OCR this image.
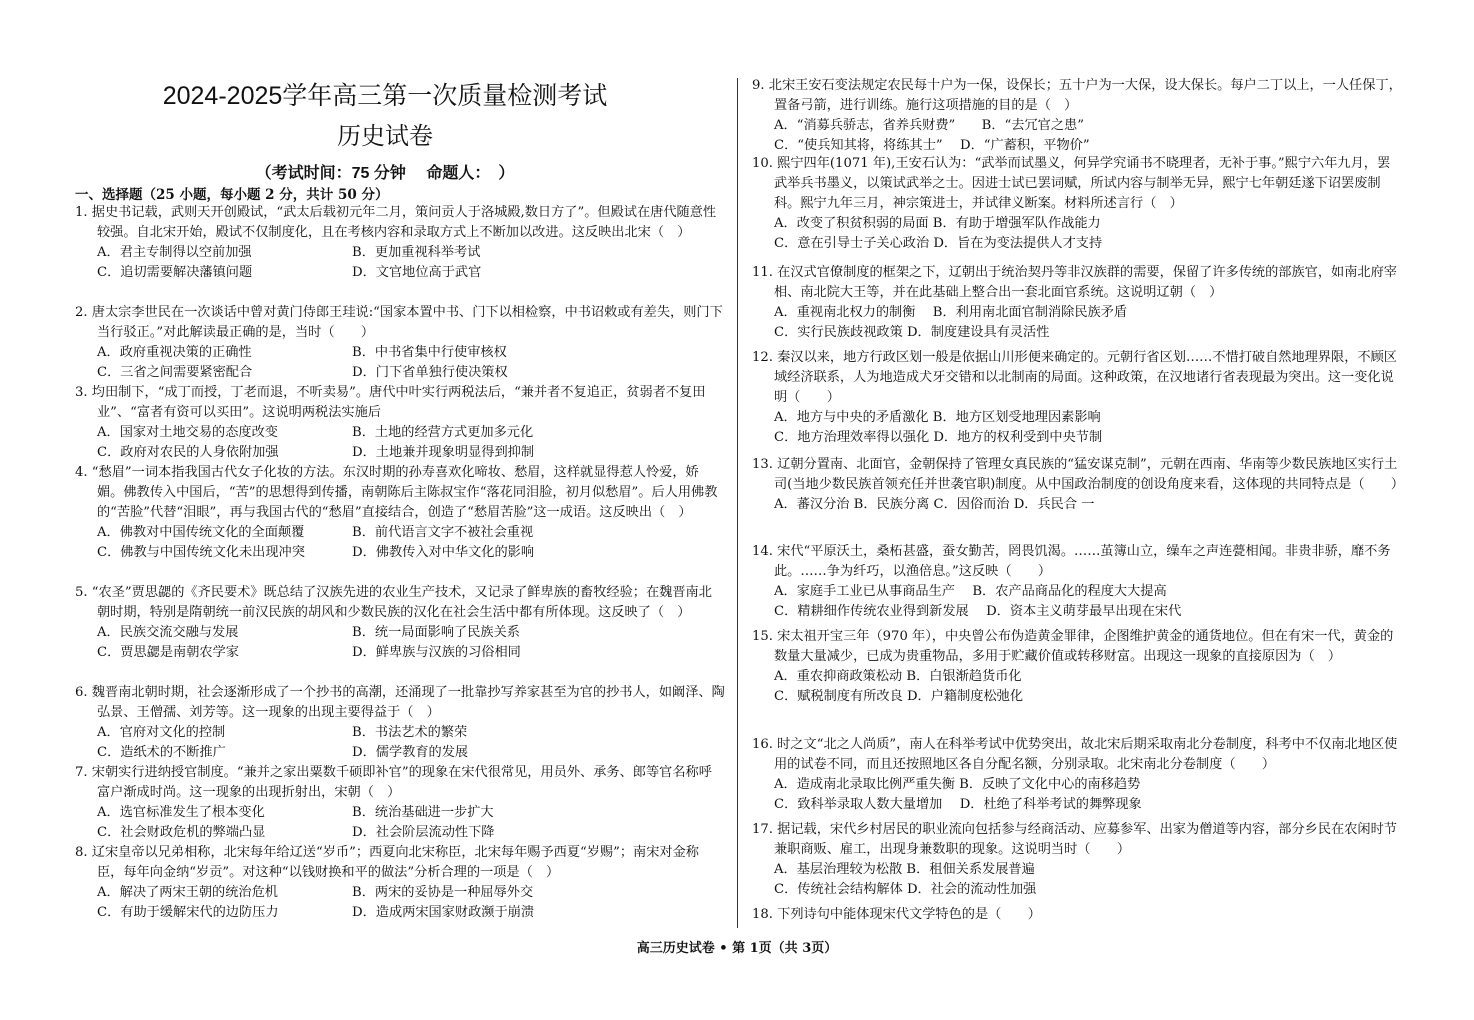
2024-2025学年高三第一次质量检测考试
历史试卷
（考试时间：75 分钟　 命题人：　）
一、选择题（25 小题，每小题 2 分，共计 50 分）
1. 据史书记载，武则天开创殿试，“武太后载初元年二月，策问贡人于洛城殿,数日方了”。但殿试在唐代随意性较强。自北宋开始，殿试不仅制度化，且在考核内容和录取方式上不断加以改进。这反映出北宋（　）
A．君主专制得以空前加强	B．更加重视科举考试
C．追切需要解决藩镇问题	D．文官地位高于武官
2. 唐太宗李世民在一次谈话中曾对黄门侍郎王珪说:“国家本置中书、门下以相检察，中书诏敕或有差失，则门下当行驳正。”对此解读最正确的是，当时（　　）
A．政府重视决策的正确性	B．中书省集中行使审核权
C．三省之间需要紧密配合	D．门下省单独行使决策权
3. 均田制下，“成丁而授，丁老而退，不听卖易”。唐代中叶实行两税法后，“兼并者不复追正，贫弱者不复田业”、“富者有资可以买田”。这说明两税法实施后
A．国家对土地交易的态度改变	B．土地的经营方式更加多元化
C．政府对农民的人身依附加强	D．土地兼并现象明显得到抑制
4. “愁眉”一词本指我国古代女子化妆的方法。东汉时期的孙寿喜欢化啼妆、愁眉，这样就显得惹人怜爱，娇媚。佛教传入中国后，“苦”的思想得到传播，南朝陈后主陈叔宝作“落花同泪脸，初月似愁眉”。后人用佛教的“苦脸”代替“泪眼”，再与我国古代的“愁眉”直接结合，创造了“愁眉苦脸”这一成语。这反映出（　）
A．佛教对中国传统文化的全面颠覆	B．前代语言文字不被社会重视
C．佛教与中国传统文化未出现冲突	D．佛教传入对中华文化的影响
5. “农圣”贾思勰的《齐民要术》既总结了汉族先进的农业生产技术，又记录了鲜卑族的畜牧经验；在魏晋南北朝时期，特别是隋朝统一前汉民族的胡风和少数民族的汉化在社会生活中都有所体现。这反映了（　）
A．民族交流交融与发展	B．统一局面影响了民族关系
C．贾思勰是南朝农学家	D．鲜卑族与汉族的习俗相同
6. 魏晋南北朝时期，社会逐渐形成了一个抄书的高潮，还涌现了一批靠抄写养家甚至为官的抄书人，如阚泽、陶弘景、王僧孺、刘芳等。这一现象的出现主要得益于（　）
A．官府对文化的控制	B．书法艺术的繁荣
C．造纸术的不断推广	D．儒学教育的发展
7. 宋朝实行进纳授官制度。“兼并之家出粟数千硕即补官”的现象在宋代很常见，用员外、承务、郎等官名称呼富户渐成时尚。这一现象的出现折射出，宋朝（　）
A．选官标准发生了根本变化	B．统治基础进一步扩大
C．社会财政危机的弊端凸显	D．社会阶层流动性下降
8. 辽宋皇帝以兄弟相称，北宋每年给辽送“岁币”；西夏向北宋称臣，北宋每年赐予西夏“岁赐”；南宋对金称臣，每年向金纳“岁贡”。对这种“以钱财换和平的做法”分析合理的一项是（　）
A．解决了两宋王朝的统治危机	B．两宋的妥协是一种屈辱外交
C．有助于缓解宋代的边防压力	D．造成两宋国家财政濒于崩溃
9. 北宋王安石变法规定农民每十户为一保，设保长；五十户为一大保，设大保长。每户二丁以上，一人任保丁，置备弓箭，进行训练。施行这项措施的目的是（　）
A．“消募兵骄志，省养兵财费”　　B．“去冗官之患”
C．“使兵知其将，将练其士”　 D．“广蓄积，平物价”
10. 熙宁四年(1071 年),王安石认为：“武举而试墨义，何异学究诵书不晓理者，无补于事。”熙宁六年九月，罢武举兵书墨义，以策试武举之士。因进士试已罢词赋，所试内容与制举无异，熙宁七年朝廷遂下诏罢废制科。熙宁九年三月，神宗策进士，并试律义断案。材料所述言行（　）
A．改变了积贫积弱的局面 B．有助于增强军队作战能力
C．意在引导士子关心政治 D．旨在为变法提供人才支持
11. 在汉式官僚制度的框架之下，辽朝出于统治契丹等非汉族群的需要，保留了许多传统的部族官，如南北府宰相、南北院大王等，并在此基础上整合出一套北面官系统。这说明辽朝（　）
A．重视南北权力的制衡　 B．利用南北面官制消除民族矛盾
C．实行民族歧视政策 D．制度建设具有灵活性
12. 秦汉以来，地方行政区划一般是依据山川形便来确定的。元朝行省区划……不惜打破自然地理界限，不顾区域经济联系，人为地造成犬牙交错和以北制南的局面。这种政策，在汉地诸行省表现最为突出。这一变化说明（　　）
A．地方与中央的矛盾激化 B．地方区划受地理因素影响
C．地方治理效率得以强化 D．地方的权利受到中央节制
13. 辽朝分置南、北面官，金朝保持了管理女真民族的“猛安谋克制”，元朝在西南、华南等少数民族地区实行土司(当地少数民族首领充任并世袭官职)制度。从中国政治制度的创设角度来看，这体现的共同特点是（　　）
A．蕃汉分治 B．民族分离 C．因俗而治 D．兵民合 一
14. 宋代“平原沃土，桑柘甚盛，蚕女勤苦，罔畏饥渴。……茧簿山立，缲车之声连甍相闻。非贵非骄，靡不务此。……争为纤巧，以渔倍息。”这反映（　　）
A．家庭手工业已从事商品生产　 B．农产品商品化的程度大大提高
C．精耕细作传统农业得到新发展　 D．资本主义萌芽最早出现在宋代
15. 宋太祖开宝三年（970 年），中央曾公布伪造黄金罪律，企图维护黄金的通货地位。但在有宋一代，黄金的数量大量减少，已成为贵重物品，多用于贮藏价值或转移财富。出现这一现象的直接原因为（　）
A．重农抑商政策松动 B．白银渐趋货币化
C．赋税制度有所改良 D．户籍制度松弛化
16. 时之文“北之人尚质”，南人在科举考试中优势突出，故北宋后期采取南北分卷制度，科考中不仅南北地区使用的试卷不同，而且还按照地区各自分配名额，分别录取。北宋南北分卷制度（　　）
A．造成南北录取比例严重失衡 B．反映了文化中心的南移趋势
C．致科举录取人数大量增加　 D．杜绝了科举考试的舞弊现象
17. 据记载，宋代乡村居民的职业流向包括参与经商活动、应募参军、出家为僧道等内容，部分乡民在农闲时节兼职商贩、雇工，出现身兼数职的现象。这说明当时（　　）
A．基层治理较为松散 B．租佃关系发展普遍
C．传统社会结构解体 D．社会的流动性加强
18. 下列诗句中能体现宋代文学特色的是（　　）
高三历史试卷 • 第 1页（共 3页）
